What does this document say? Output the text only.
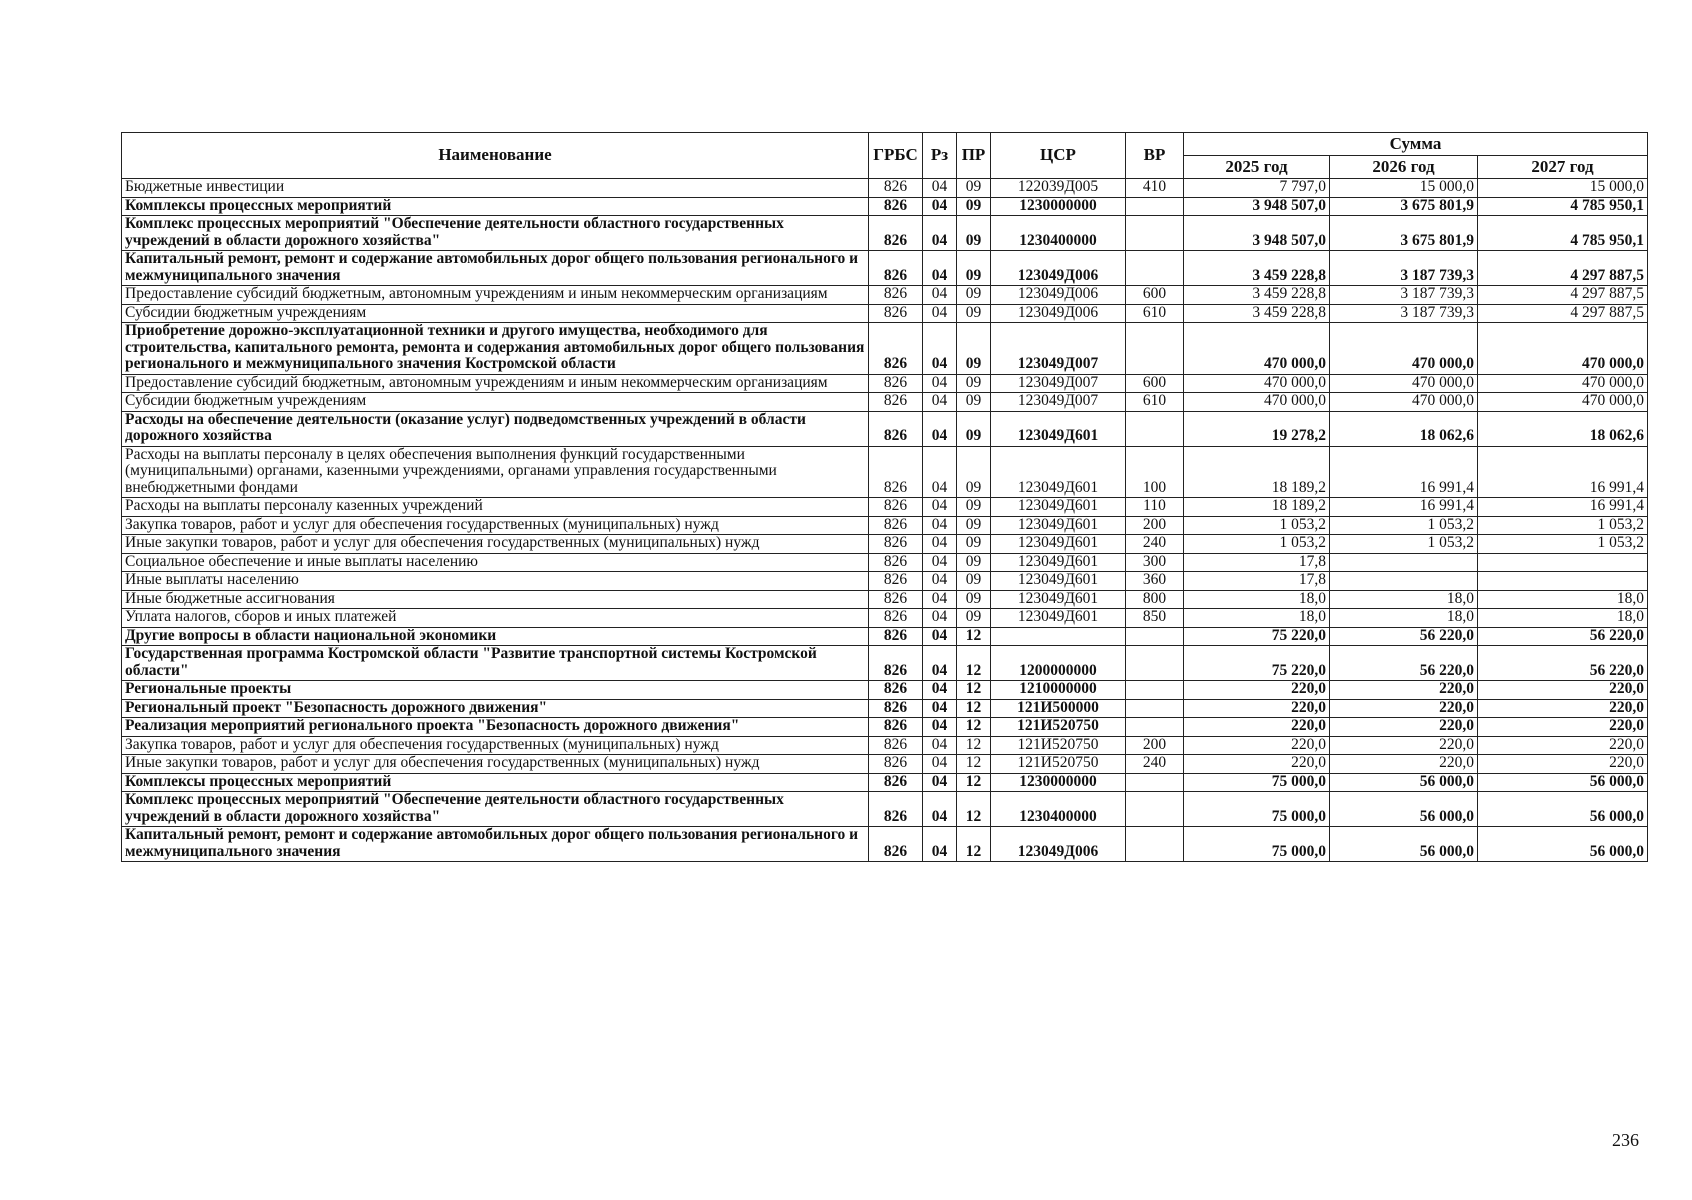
Наименование	ГРБС	Рз	ПР	ЦСР	ВР	Сумма		
						2025 год	2026 год	2027 год
Бюджетные инвестиции	826	04	09	122039Д005	410	7 797,0	15 000,0	15 000,0
Комплексы процессных мероприятий	826	04	09	1230000000		3 948 507,0	3 675 801,9	4 785 950,1
Комплекс процессных мероприятий "Обеспечение деятельности областного государственных учреждений в области дорожного хозяйства"	826	04	09	1230400000		3 948 507,0	3 675 801,9	4 785 950,1
Капитальный ремонт, ремонт и содержание автомобильных дорог общего пользования регионального и межмуниципального значения	826	04	09	123049Д006		3 459 228,8	3 187 739,3	4 297 887,5
Предоставление субсидий бюджетным, автономным учреждениям и иным некоммерческим организациям	826	04	09	123049Д006	600	3 459 228,8	3 187 739,3	4 297 887,5
Субсидии бюджетным учреждениям	826	04	09	123049Д006	610	3 459 228,8	3 187 739,3	4 297 887,5
Приобретение дорожно-эксплуатационной техники и другого имущества, необходимого для строительства, капитального ремонта, ремонта и содержания автомобильных дорог общего пользования регионального и межмуниципального значения Костромской области	826	04	09	123049Д007		470 000,0	470 000,0	470 000,0
Предоставление субсидий бюджетным, автономным учреждениям и иным некоммерческим организациям	826	04	09	123049Д007	600	470 000,0	470 000,0	470 000,0
Субсидии бюджетным учреждениям	826	04	09	123049Д007	610	470 000,0	470 000,0	470 000,0
Расходы на обеспечение деятельности (оказание услуг) подведомственных учреждений в области дорожного хозяйства	826	04	09	123049Д601		19 278,2	18 062,6	18 062,6
Расходы на выплаты персоналу в целях обеспечения выполнения функций государственными (муниципальными) органами, казенными учреждениями, органами управления государственными внебюджетными фондами	826	04	09	123049Д601	100	18 189,2	16 991,4	16 991,4
Расходы на выплаты персоналу казенных учреждений	826	04	09	123049Д601	110	18 189,2	16 991,4	16 991,4
Закупка товаров, работ и услуг для обеспечения государственных (муниципальных) нужд	826	04	09	123049Д601	200	1 053,2	1 053,2	1 053,2
Иные закупки товаров, работ и услуг для обеспечения государственных (муниципальных) нужд	826	04	09	123049Д601	240	1 053,2	1 053,2	1 053,2
Социальное обеспечение и иные выплаты населению	826	04	09	123049Д601	300	17,8		
Иные выплаты населению	826	04	09	123049Д601	360	17,8		
Иные бюджетные ассигнования	826	04	09	123049Д601	800	18,0	18,0	18,0
Уплата налогов, сборов и иных платежей	826	04	09	123049Д601	850	18,0	18,0	18,0
Другие вопросы в области национальной экономики	826	04	12			75 220,0	56 220,0	56 220,0
Государственная программа Костромской области "Развитие транспортной системы Костромской области"	826	04	12	1200000000		75 220,0	56 220,0	56 220,0
Региональные проекты	826	04	12	1210000000		220,0	220,0	220,0
Региональный проект "Безопасность дорожного движения"	826	04	12	121И500000		220,0	220,0	220,0
Реализация мероприятий регионального проекта "Безопасность дорожного движения"	826	04	12	121И520750		220,0	220,0	220,0
Закупка товаров, работ и услуг для обеспечения государственных (муниципальных) нужд	826	04	12	121И520750	200	220,0	220,0	220,0
Иные закупки товаров, работ и услуг для обеспечения государственных (муниципальных) нужд	826	04	12	121И520750	240	220,0	220,0	220,0
Комплексы процессных мероприятий	826	04	12	1230000000		75 000,0	56 000,0	56 000,0
Комплекс процессных мероприятий "Обеспечение деятельности областного государственных учреждений в области дорожного хозяйства"	826	04	12	1230400000		75 000,0	56 000,0	56 000,0
Капитальный ремонт, ремонт и содержание автомобильных дорог общего пользования регионального и межмуниципального значения	826	04	12	123049Д006		75 000,0	56 000,0	56 000,0
236
